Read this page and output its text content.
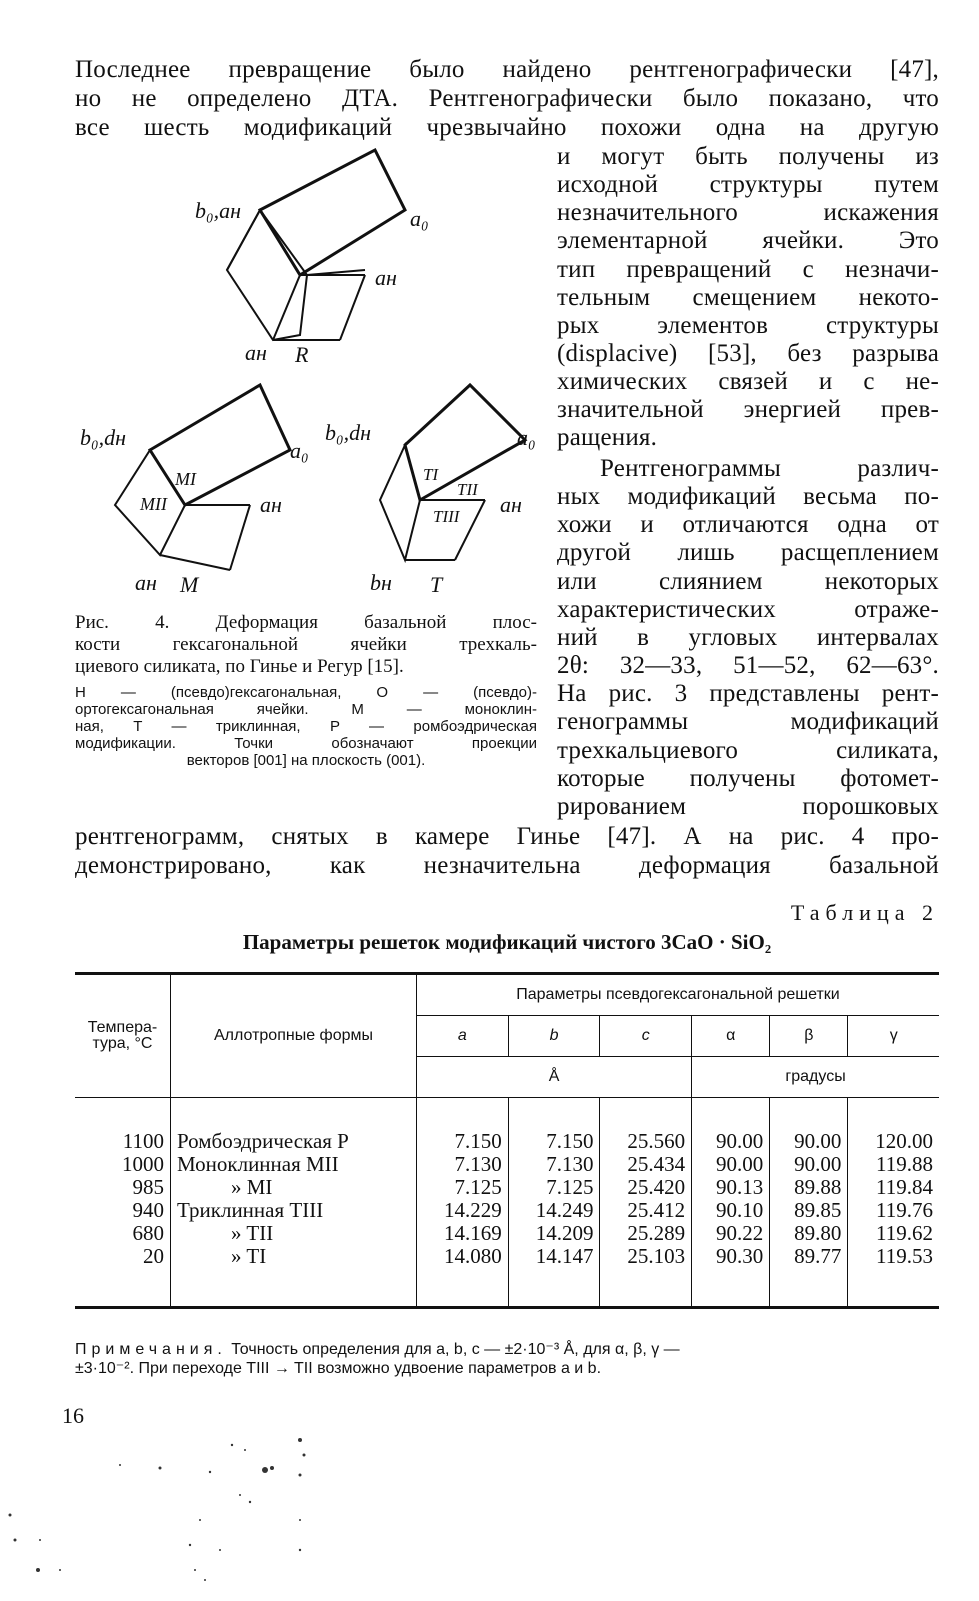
Последнее превращение было найдено рентгенографически [47],
но не определено ДТА. Рентгенографически было показано, что
все шесть модификаций чрезвычайно похожи одна на другую
и могут быть получены из
исходной структуры путем
незначительного искажения
элементарной ячейки. Это
тип превращений с незначи-
тельным смещением некото-
рых элементов структуры
(displacive) [53], без разрыва
химических связей и с не-
значительной энергией прев-
ращения.
Рентгенограммы различ-
ных модификаций весьма по-
хожи и отличаются одна от
другой лишь расщеплением
или слиянием некоторых
характеристических отраже-
ний в угловых интервалах
2θ: 32—33, 51—52, 62—63°.
На рис. 3 представлены рент-
генограммы модификаций
трехкальциевого силиката,
которые получены фотомет-
рированием порошковых
рентгенограмм, снятых в камере Гинье [47]. А на рис. 4 про-
демонстрировано, как незначительна деформация базальной
b₀,aн	a₀
aн
aн R
b₀,dн
a₀
aн
aн M
MI
MII
b₀,dн	a₀
aн
bн T
TI
TII
TIII
Рис. 4. Деформация базальной плос-
кости гексагональной ячейки трехкаль-
циевого силиката, по Гинье и Регур [15].
H — (псевдо)гексагональная, O — (псевдо)-
ортогексагональная ячейки. M — моноклин-
ная, T — триклинная, P — ромбоэдрическая
модификации. Точки обозначают проекции
векторов [001] на плоскость (001).
Таблица 2
Параметры решеток модификаций чистого 3CaO · SiO₂
Темпера-тура, °C	Аллотропные формы	Параметры псевдогексагональной решетки					
		a	b	c	α	β	γ
		Å			градусы		

1100	Ромбоэдрическая P	7.150	7.150	25.560	90.00	90.00	120.00
1000	Моноклинная MII	7.130	7.130	25.434	90.00	90.00	119.88
985	» MI	7.125	7.125	25.420	90.13	89.88	119.84
940	Триклинная TIII	14.229	14.249	25.412	90.10	89.85	119.76
680	» TII	14.169	14.209	25.289	90.22	89.80	119.62
20	» TI	14.080	14.147	25.103	90.30	89.77	119.53

Примечания. Точность определения для a, b, c — ±2·10⁻³ Å, для α, β, γ —
±3·10⁻². При переходе TIII → TII возможно удвоение параметров a и b.
16
